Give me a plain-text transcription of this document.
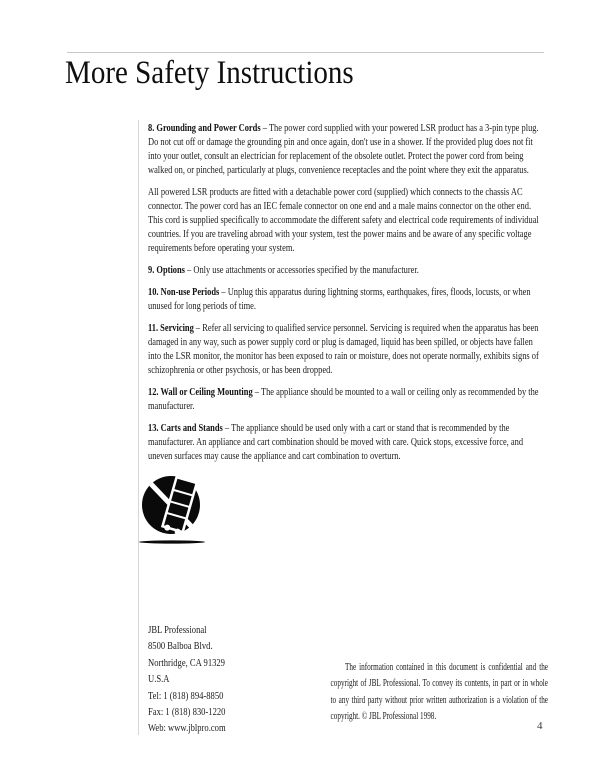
More Safety Instructions

8. Grounding and Power Cords – The power cord supplied with your powered LSR product has a 3-pin type plug. Do not cut off or damage the grounding pin and once again, don't use in a shower. If the provided plug does not fit into your outlet, consult an electrician for replacement of the obsolete outlet. Protect the power cord from being walked on, or pinched, particularly at plugs, convenience receptacles and the point where they exit the apparatus.

All powered LSR products are fitted with a detachable power cord (supplied) which connects to the chassis AC connector. The power cord has an IEC female connector on one end and a male mains connector on the other end. This cord is supplied specifically to accommodate the different safety and electrical code requirements of individual countries. If you are traveling abroad with your system, test the power mains and be aware of any specific voltage requirements before operating your system.

9. Options – Only use attachments or accessories specified by the manufacturer.

10. Non-use Periods – Unplug this apparatus during lightning storms, earthquakes, fires, floods, locusts, or when unused for long periods of time.

11. Servicing – Refer all servicing to qualified service personnel. Servicing is required when the apparatus has been damaged in any way, such as power supply cord or plug is damaged, liquid has been spilled, or objects have fallen into the LSR monitor, the monitor has been exposed to rain or moisture, does not operate normally, exhibits signs of schizophrenia or other psychosis, or has been dropped.

12. Wall or Ceiling Mounting – The appliance should be mounted to a wall or ceiling only as recommended by the manufacturer.

13. Carts and Stands – The appliance should be used only with a cart or stand that is recommended by the manufacturer. An appliance and cart combination should be moved with care. Quick stops, excessive force, and uneven surfaces may cause the appliance and cart combination to overturn.

JBL Professional
8500 Balboa Blvd.
Northridge, CA 91329
U.S.A
Tel: 1 (818) 894-8850
Fax: 1 (818) 830-1220
Web: www.jblpro.com
The information contained in this document is confidential and the copyright of JBL Professional. To convey its contents, in part or in whole to any third party without prior written authorization is a violation of the copyright. © JBL Professional 1998.
4
